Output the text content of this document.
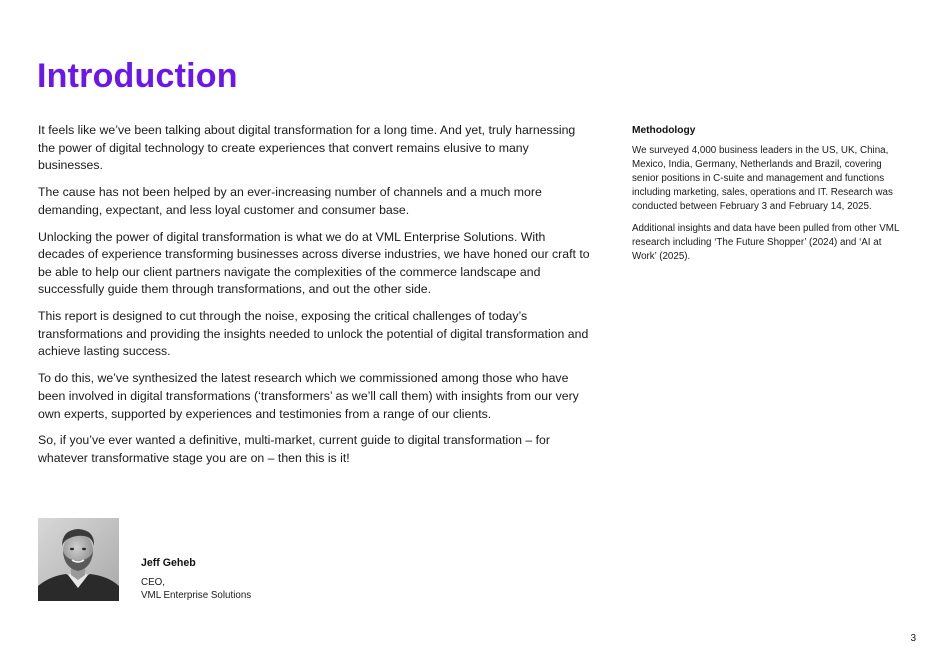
Introduction

It feels like we’ve been talking about digital transformation for a long time. And yet, truly harnessing the power of digital technology to create experiences that convert remains elusive to many businesses.

The cause has not been helped by an ever-increasing number of channels and a much more demanding, expectant, and less loyal customer and consumer base.

Unlocking the power of digital transformation is what we do at VML Enterprise Solutions. With decades of experience transforming businesses across diverse industries, we have honed our craft to be able to help our client partners navigate the complexities of the commerce landscape and successfully guide them through transformations, and out the other side.

This report is designed to cut through the noise, exposing the critical challenges of today’s transformations and providing the insights needed to unlock the potential of digital transformation and achieve lasting success.

To do this, we’ve synthesized the latest research which we commissioned among those who have been involved in digital transformations (‘transformers’ as we’ll call them) with insights from our very own experts, supported by experiences and testimonies from a range of our clients.

So, if you’ve ever wanted a definitive, multi-market, current guide to digital transformation – for whatever transformative stage you are on – then this is it!

Methodology

We surveyed 4,000 business leaders in the US, UK, China, Mexico, India, Germany, Netherlands and Brazil, covering senior positions in C-suite and management and functions including marketing, sales, operations and IT. Research was conducted between February 3 and February 14, 2025.

Additional insights and data have been pulled from other VML research including ‘The Future Shopper’ (2024) and ‘AI at Work’ (2025).

Jeff Geheb
CEO,
VML Enterprise Solutions
3
